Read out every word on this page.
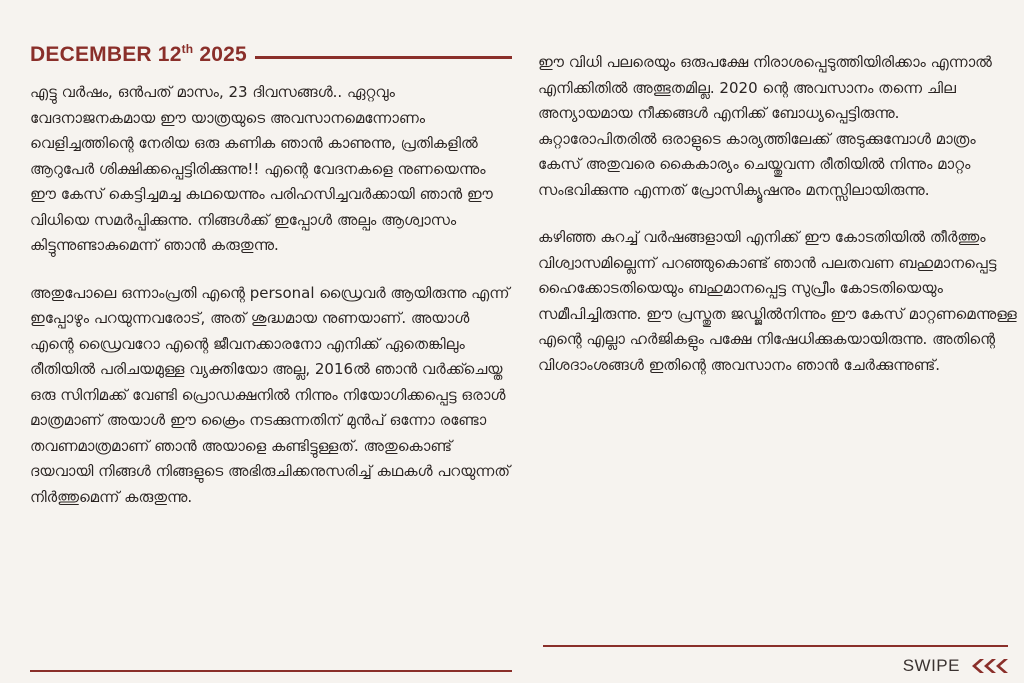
DECEMBER 12th 2025

എട്ടു വർഷം, ഒൻപത് മാസം, 23 ദിവസങ്ങൾ.. ഏറ്റവും വേദനാജനകമായ ഈ യാത്രയുടെ അവസാനമെന്നോണം വെളിച്ചത്തിന്റെ നേരിയ ഒരു കണിക ഞാൻ കാണുന്നു, പ്രതികളിൽ ആറുപേർ ശിക്ഷിക്കപ്പെട്ടിരിക്കുന്നു!! എന്റെ വേദനകളെ നുണയെന്നും ഈ കേസ് കെട്ടിച്ചമച്ച കഥയെന്നും പരിഹസിച്ചവർക്കായി ഞാൻ ഈ വിധിയെ സമർപ്പിക്കുന്നു. നിങ്ങൾക്ക് ഇപ്പോൾ അല്പം ആശ്വാസം കിട്ടുന്നുണ്ടാകുമെന്ന് ഞാൻ കരുതുന്നു.

അതുപോലെ ഒന്നാംപ്രതി എന്റെ personal ഡ്രൈവർ ആയിരുന്നു എന്ന് ഇപ്പോഴും പറയുന്നവരോട്, അത് ശുദ്ധമായ നുണയാണ്. അയാൾ എന്റെ ഡ്രൈവറോ എന്റെ ജീവനക്കാരനോ എനിക്ക് ഏതെങ്കിലും രീതിയിൽ പരിചയമുള്ള വ്യക്തിയോ അല്ല, 2016ൽ ഞാൻ വർക്ക്ചെയ്ത ഒരു സിനിമക്ക് വേണ്ടി പ്രൊഡക്ഷനിൽ നിന്നും നിയോഗിക്കപ്പെട്ട ഒരാൾ മാത്രമാണ് അയാൾ ഈ ക്രൈം നടക്കുന്നതിന് മുൻപ് ഒന്നോ രണ്ടോ തവണമാത്രമാണ് ഞാൻ അയാളെ കണ്ടിട്ടുള്ളത്. അതുകൊണ്ട് ദയവായി നിങ്ങൾ നിങ്ങളുടെ അഭിരുചിക്കനുസരിച്ച് കഥകൾ പറയുന്നത് നിർത്തുമെന്ന് കരുതുന്നു.

ഈ വിധി പലരെയും ഒരുപക്ഷേ നിരാശപ്പെടുത്തിയിരിക്കാം എന്നാൽ എനിക്കിതിൽ അത്ഭുതമില്ല. 2020 ന്റെ അവസാനം തന്നെ ചില അന്യായമായ നീക്കങ്ങൾ എനിക്ക് ബോധ്യപ്പെട്ടിരുന്നു. കുറ്റാരോപിതരിൽ ഒരാളുടെ കാര്യത്തിലേക്ക് അടുക്കുമ്പോൾ മാത്രം കേസ് അതുവരെ കൈകാര്യം ചെയ്തുവന്ന രീതിയിൽ നിന്നും മാറ്റം സംഭവിക്കുന്നു എന്നത് പ്രോസിക്യൂഷനും മനസ്സിലായിരുന്നു.

കഴിഞ്ഞ കുറച്ച് വർഷങ്ങളായി എനിക്ക് ഈ കോടതിയിൽ തീർത്തും വിശ്വാസമില്ലെന്ന് പറഞ്ഞുകൊണ്ട് ഞാൻ പലതവണ ബഹുമാനപ്പെട്ട ഹൈക്കോടതിയെയും ബഹുമാനപ്പെട്ട സുപ്രീം കോടതിയെയും സമീപിച്ചിരുന്നു. ഈ പ്രസ്തുത ജഡ്ജിൽനിന്നും ഈ കേസ് മാറ്റണമെന്നുള്ള എന്റെ എല്ലാ ഹർജികളും പക്ഷേ നിഷേധിക്കുകയായിരുന്നു. അതിന്റെ വിശദാംശങ്ങൾ ഇതിന്റെ അവസാനം ഞാൻ ചേർക്കുന്നുണ്ട്.

SWIPE
